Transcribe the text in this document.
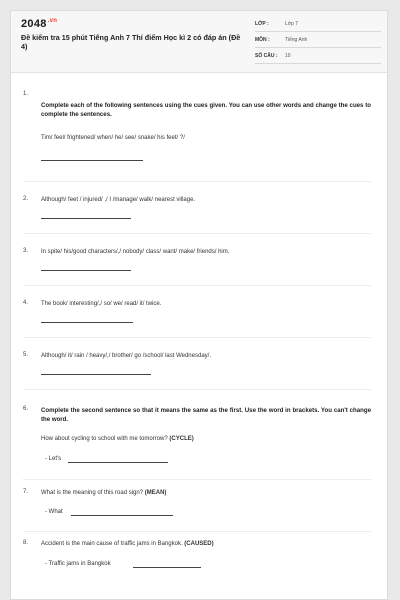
$2048^{.vn}$
Đề kiểm tra 15 phút Tiếng Anh 7 Thí điểm Học kì 2 có đáp án (Đề 4)
LỚP :	Lớp 7
MÔN :	Tiếng Anh
SỐ CÂU : 10
1.
Complete each of the following sentences using the cues given. You can use other words and change the cues to complete the sentences.
Tim/ feel/ frightened/ when/ he/ see/ snake/ his feet/ ?/
2. Although/ feet / injured/ ,/ I /manage/ walk/ nearest village.
3. In spite/ his/good characters/,/ nobody/ class/ want/ make/ friends/ him.
4. The book/ interesting/,/ so/ we/ read/ it/ twice.
5. Although/ it/ rain / heavy/,/ brother/ go /school/ last Wednesday/.
6. Complete the second sentence so that it means the same as the first. Use the word in brackets. You can't change the word.
How about cycling to school with me tomorrow? (CYCLE)
- Let's
7. What is the meaning of this road sign? (MEAN)
- What
8. Accident is the main cause of traffic jams in Bangkok. (CAUSED)
- Traffic jams in Bangkok
